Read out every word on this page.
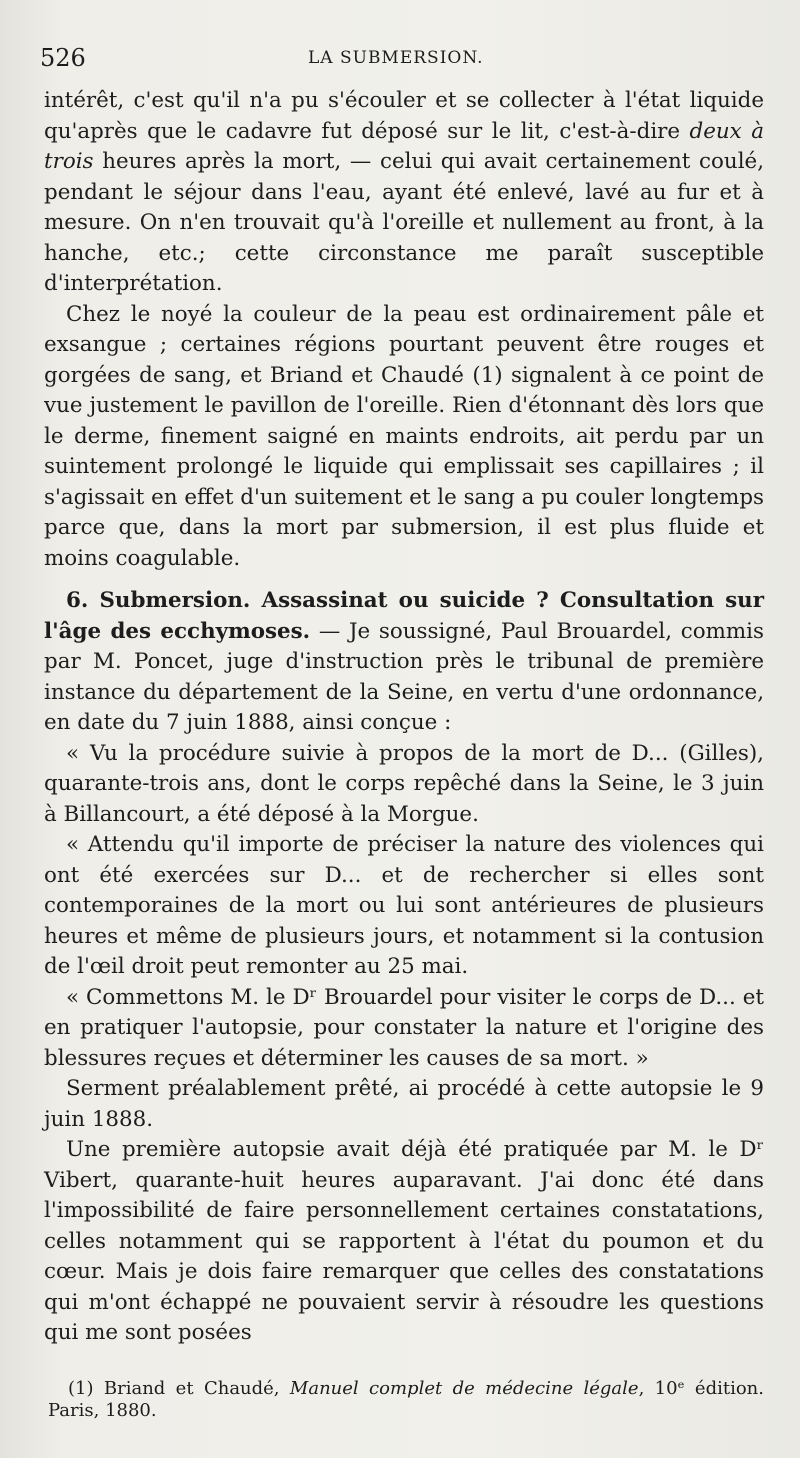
526	LA SUBMERSION.

intérêt, c'est qu'il n'a pu s'écouler et se collecter à l'état liquide qu'après que le cadavre fut déposé sur le lit, c'est-à-dire deux à trois heures après la mort, — celui qui avait certainement coulé, pendant le séjour dans l'eau, ayant été enlevé, lavé au fur et à mesure. On n'en trouvait qu'à l'oreille et nullement au front, à la hanche, etc.; cette circonstance me paraît susceptible d'interprétation.

Chez le noyé la couleur de la peau est ordinairement pâle et exsangue ; certaines régions pourtant peuvent être rouges et gorgées de sang, et Briand et Chaudé (1) signalent à ce point de vue justement le pavillon de l'oreille. Rien d'étonnant dès lors que le derme, finement saigné en maints endroits, ait perdu par un suintement prolongé le liquide qui emplissait ses capillaires ; il s'agissait en effet d'un suitement et le sang a pu couler longtemps parce que, dans la mort par submersion, il est plus fluide et moins coagulable.

6. Submersion. Assassinat ou suicide ? Consultation sur l'âge des ecchymoses. — Je soussigné, Paul Brouardel, commis par M. Poncet, juge d'instruction près le tribunal de première instance du département de la Seine, en vertu d'une ordonnance, en date du 7 juin 1888, ainsi conçue :

« Vu la procédure suivie à propos de la mort de D... (Gilles), quarante-trois ans, dont le corps repêché dans la Seine, le 3 juin à Billancourt, a été déposé à la Morgue.

« Attendu qu'il importe de préciser la nature des violences qui ont été exercées sur D... et de rechercher si elles sont contemporaines de la mort ou lui sont antérieures de plusieurs heures et même de plusieurs jours, et notamment si la contusion de l'œil droit peut remonter au 25 mai.

« Commettons M. le Dʳ Brouardel pour visiter le corps de D... et en pratiquer l'autopsie, pour constater la nature et l'origine des blessures reçues et déterminer les causes de sa mort. »

Serment préalablement prêté, ai procédé à cette autopsie le 9 juin 1888.

Une première autopsie avait déjà été pratiquée par M. le Dʳ Vibert, quarante-huit heures auparavant. J'ai donc été dans l'impossibilité de faire personnellement certaines constatations, celles notamment qui se rapportent à l'état du poumon et du cœur. Mais je dois faire remarquer que celles des constatations qui m'ont échappé ne pouvaient servir à résoudre les questions qui me sont posées

(1) Briand et Chaudé, Manuel complet de médecine légale, 10ᵉ édition. Paris, 1880.
